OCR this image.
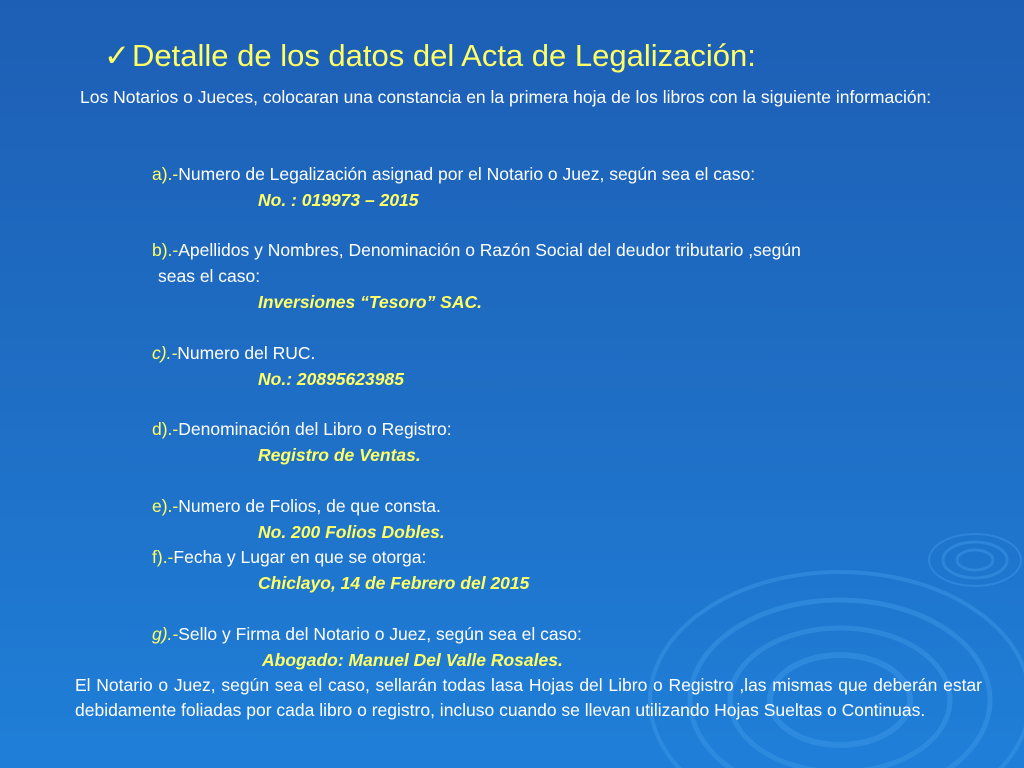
✓Detalle de los datos del Acta de Legalización:
Los Notarios o Jueces, colocaran una constancia en la primera hoja de los libros con la siguiente información:
a).-Numero de Legalización asignad por el Notario o Juez, según sea el caso:
No. : 019973 – 2015
b).-Apellidos y Nombres, Denominación o Razón Social del deudor tributario ,según
seas el caso:
Inversiones “Tesoro” SAC.
c).-Numero del RUC.
No.: 20895623985
d).-Denominación del Libro o Registro:
Registro de Ventas.
e).-Numero de Folios, de que consta.
No. 200 Folios Dobles.
f).-Fecha y Lugar en que se otorga:
Chiclayo, 14 de Febrero del 2015
g).-Sello y Firma del Notario o Juez, según sea el caso:
Abogado: Manuel Del Valle Rosales.
El Notario o Juez, según sea el caso, sellarán todas lasa Hojas del Libro o Registro ,las mismas que deberán estar debidamente foliadas por cada libro o registro, incluso cuando se llevan utilizando Hojas Sueltas o Continuas.
